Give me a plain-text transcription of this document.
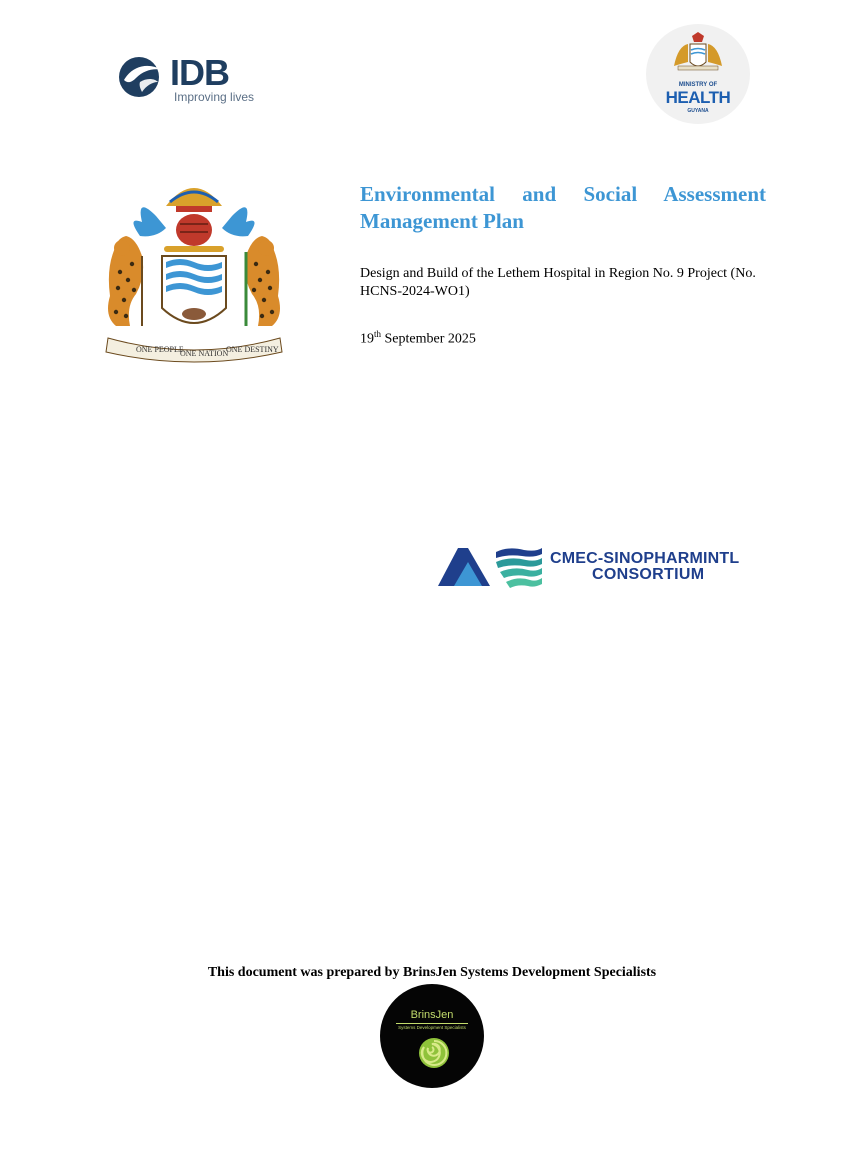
IDB
Improving lives
MINISTRY OF
HEALTH
GUYANA
ONE PEOPLE
ONE NATION
ONE DESTINY
Environmental and Social Assessment Management Plan
Design and Build of the Lethem Hospital in Region No. 9 Project (No. HCNS-2024-WO1)
19th September 2025
CMEC-SINOPHARMINTL
CONSORTIUM
This document was prepared by BrinsJen Systems Development Specialists
BrinsJen
Systems Development Specialists
